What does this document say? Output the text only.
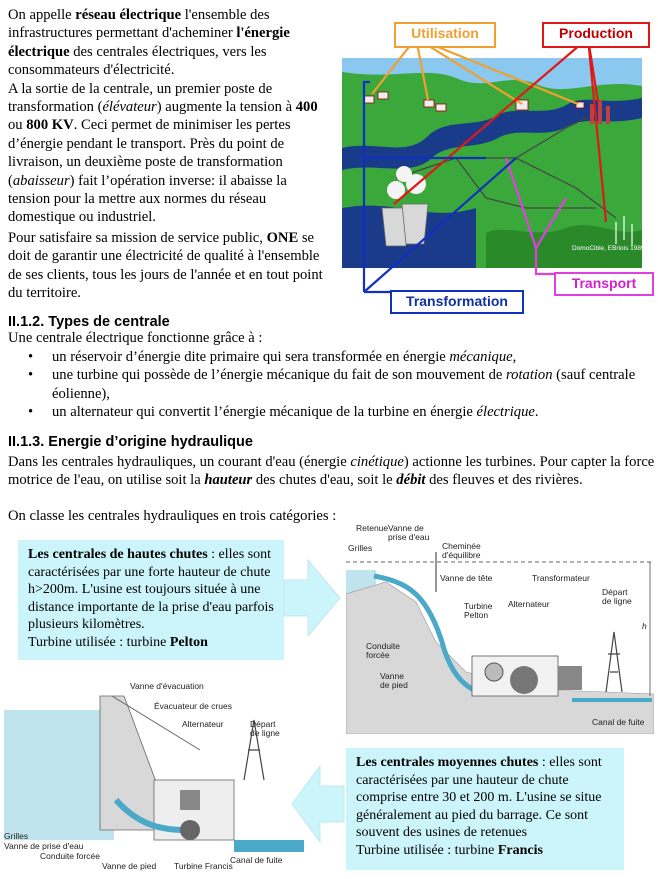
On appelle réseau électrique l'ensemble des infrastructures permettant d'acheminer l'énergie électrique des centrales électriques, vers les consommateurs d'électricité.
A la sortie de la centrale, un premier poste de transformation (élévateur) augmente la tension à 400 ou 800 KV. Ceci permet de minimiser les pertes d’énergie pendant le transport. Près du point de livraison, un deuxième poste de transformation (abaisseur) fait l’opération inverse: il abaisse la tension pour la mettre aux normes du réseau domestique ou industriel.

Pour satisfaire sa mission de service public, ONE se doit de garantir une électricité de qualité à l'ensemble de ses clients, tous les jours de l'année et en tout point du territoire.

Utilisation	Production
Transport
Transformation
DomoCible, EBriois 1989
II.1.2. Types de centrale
Une centrale électrique fonctionne grâce à :
• un réservoir d’énergie dite primaire qui sera transformée en énergie mécanique,
• une turbine qui possède de l’énergie mécanique du fait de son mouvement de rotation (sauf centrale éolienne),
• un alternateur qui convertit l’énergie mécanique de la turbine en énergie électrique.
II.1.3. Energie d’origine hydraulique

Dans les centrales hydrauliques, un courant d'eau (énergie cinétique) actionne les turbines. Pour capter la force motrice de l'eau, on utilise soit la hauteur des chutes d'eau, soit le débit des fleuves et des rivières.

On classe les centrales hydrauliques en trois catégories :
Les centrales de hautes chutes : elles sont caractérisées par une forte hauteur de chute h>200m. L'usine est toujours située à une distance importante de la prise d'eau parfois plusieurs kilomètres.
Turbine utilisée : turbine Pelton
Retenue Vanne de
prise d'eau
Grilles	Cheminée
d'équilibre
Vanne de tête	Transformateur
Départ
de ligne
Alternateur
Turbine
Pelton
Conduite
forcée
Vanne
de pied
Canal de fuite
h
Vanne d'évacuation
Évacuateur de crues
Alternateur	Départ
de ligne
Grilles
Vanne de prise d'eau
Conduite forcée
Vanne de pied Turbine Francis
Canal de fuite
Les centrales moyennes chutes : elles sont caractérisées par une hauteur de chute comprise entre 30 et 200 m. L'usine se situe généralement au pied du barrage. Ce sont souvent des usines de retenues
Turbine utilisée : turbine Francis
